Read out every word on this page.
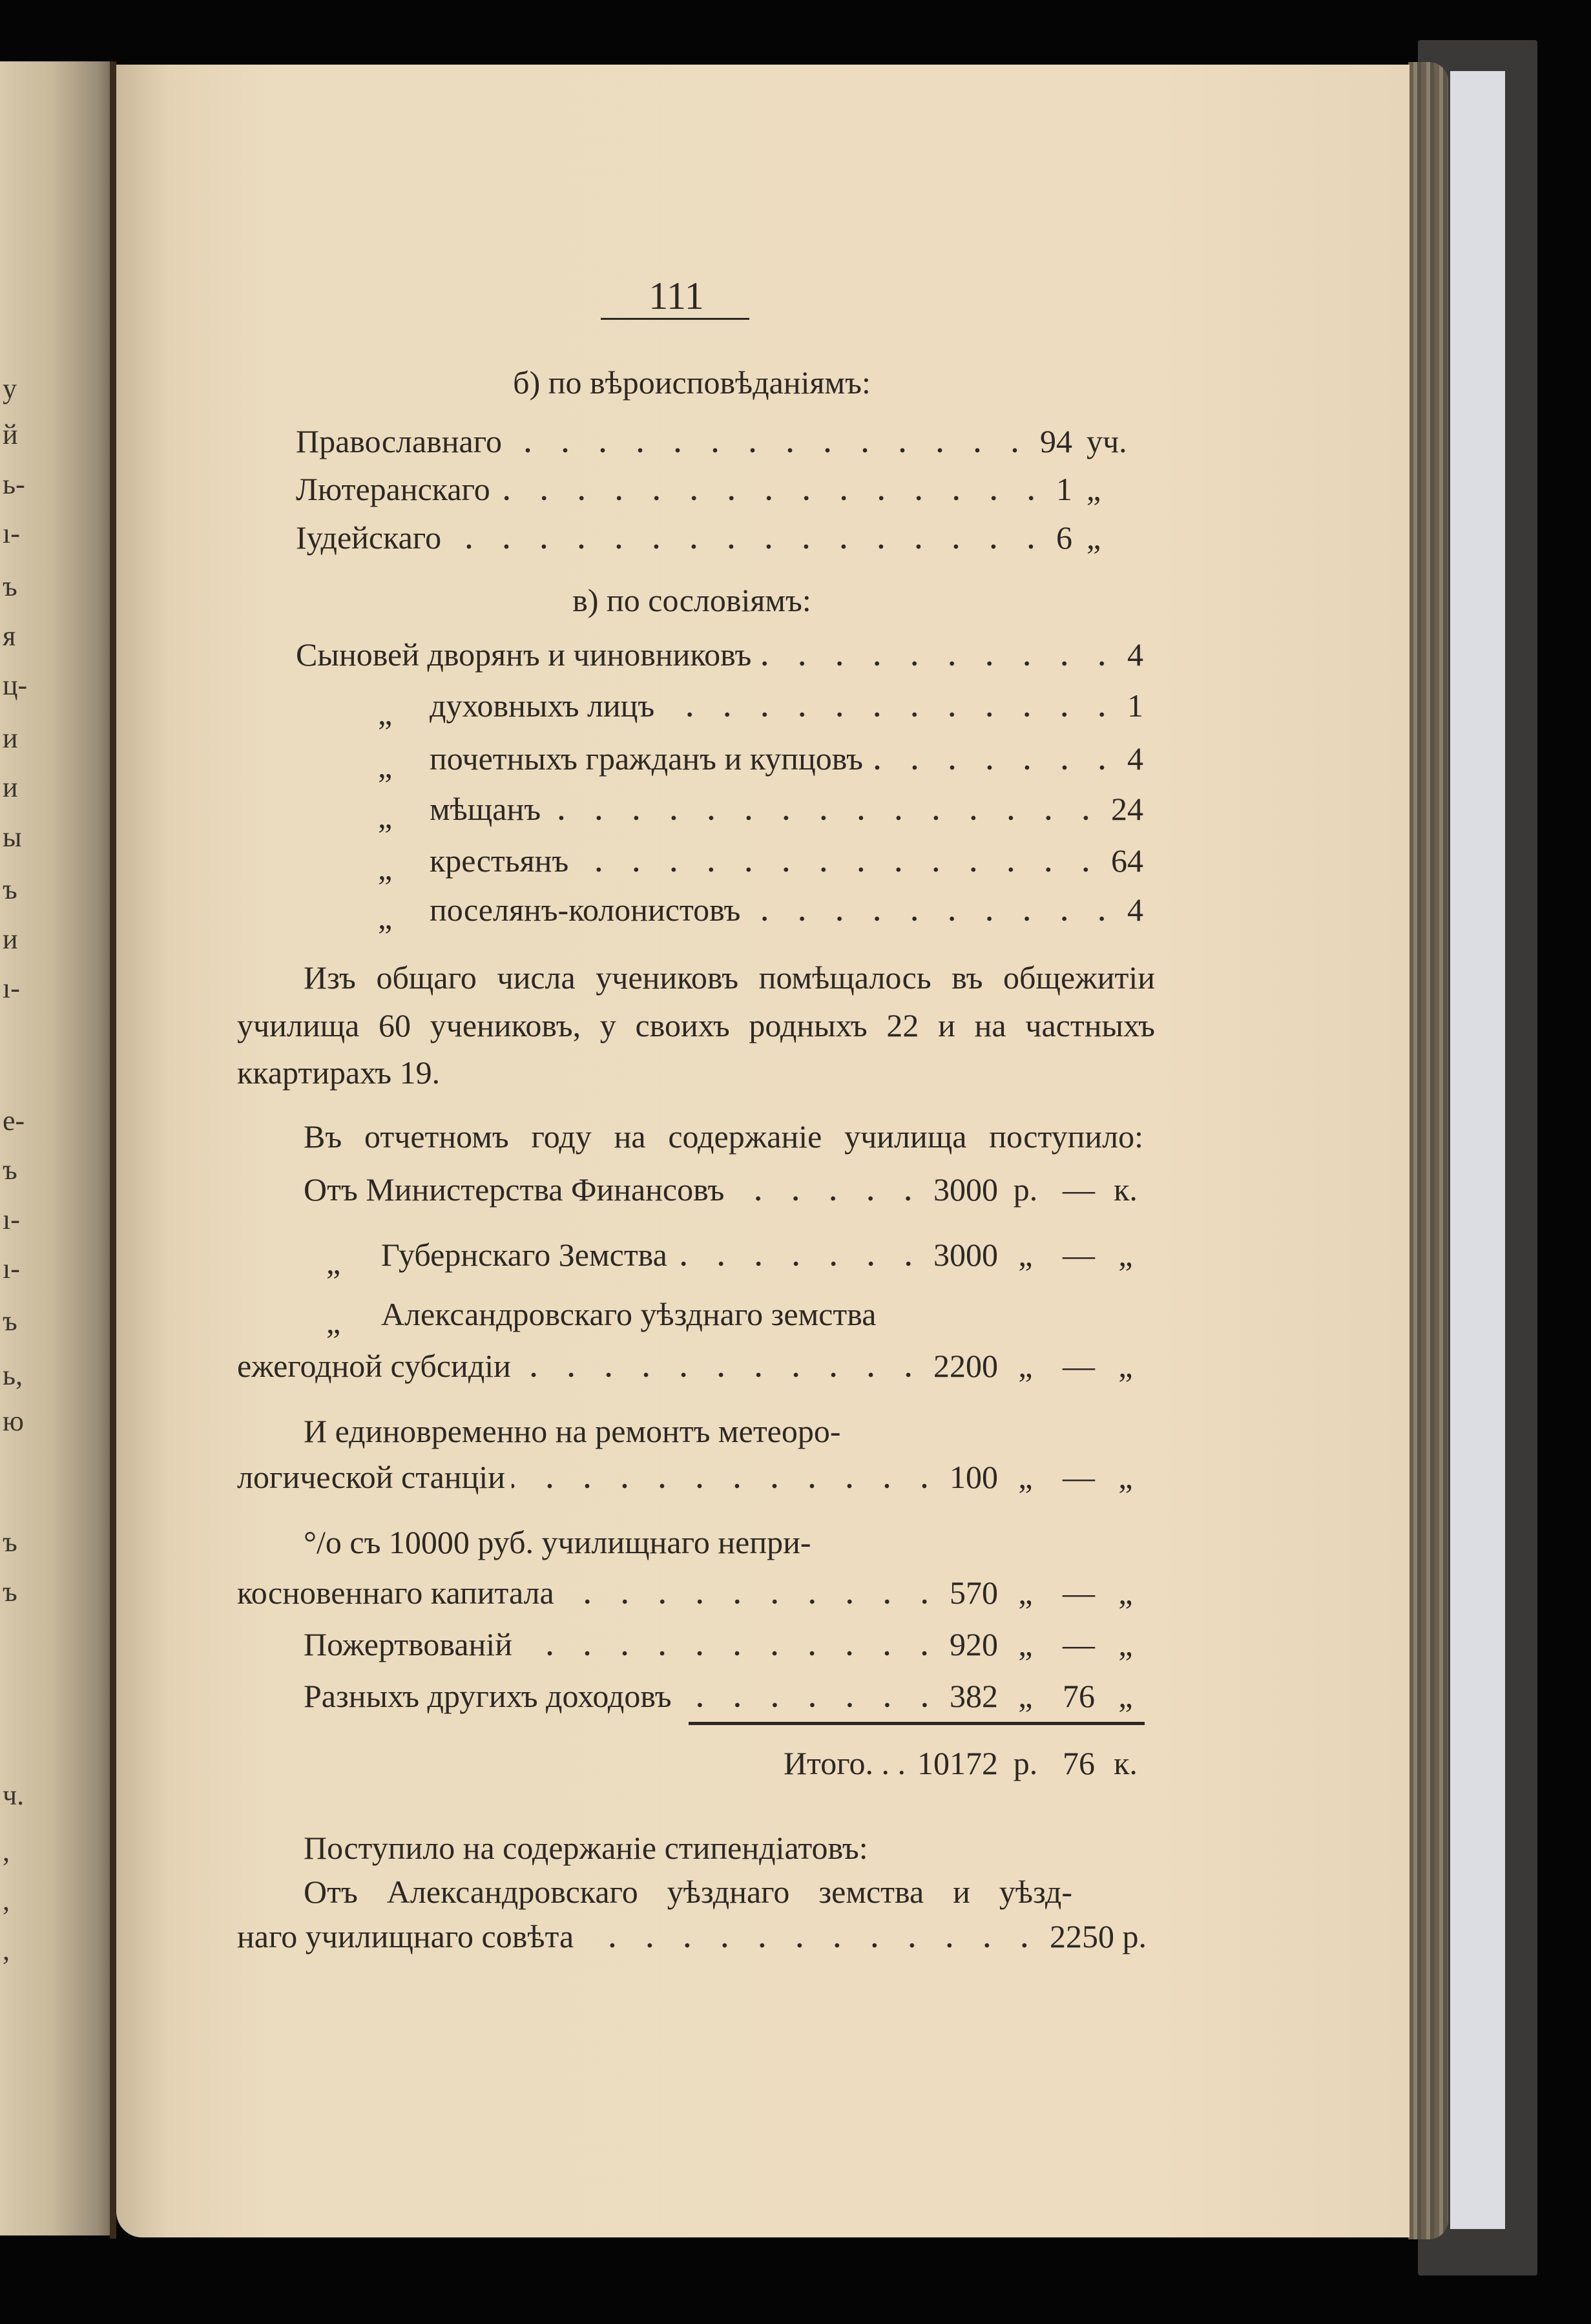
111
б) по вѣроисповѣданіямъ:
Православнаго	94 уч.
Лютеранскаго	1 „
Іудейскаго	6 „
в) по сословіямъ:
Сыновей дворянъ и чиновниковъ	4
„	духовныхъ лицъ	1
„	почетныхъ гражданъ и купцовъ	4
„	мѣщанъ	24
„	крестьянъ	64
„	поселянъ-колонистовъ	4
Изъ общаго числа учениковъ помѣщалось въ общежитіи
училища 60 учениковъ, у своихъ родныхъ 22 и на частныхъ
ккартирахъ 19.
Въ отчетномъ году на содержаніе училища поступило:
Отъ Министерства Финансовъ	3000 р. — к.
„	Губернскаго Земства	3000 „ — „
„ Александровскаго уѣзднаго земства
ежегодной субсидіи	2200 „ — „
И единовременно на ремонтъ метеоро-
логической станціи	100 „ — „
°/о съ 10000 руб. училищнаго непри-
косновеннаго капитала	570 „ — „
Пожертвованій	920 „ — „
Разныхъ другихъ доходовъ	382 „ 76 „
Итого. . . 10172 р. 76 к.
Поступило на содержаніе стипендіатовъ:
Отъ Александровскаго уѣзднаго земства и уѣзд-
наго училищнаго совѣта	2250 р.
у
й
ь-
ı-
ъ
я
ц-
и
и
ы
ъ
и
ı-
е-
ъ
ı-
ı-
ъ
ь,
ю
ъ
ъ
ч.
,
,
,
